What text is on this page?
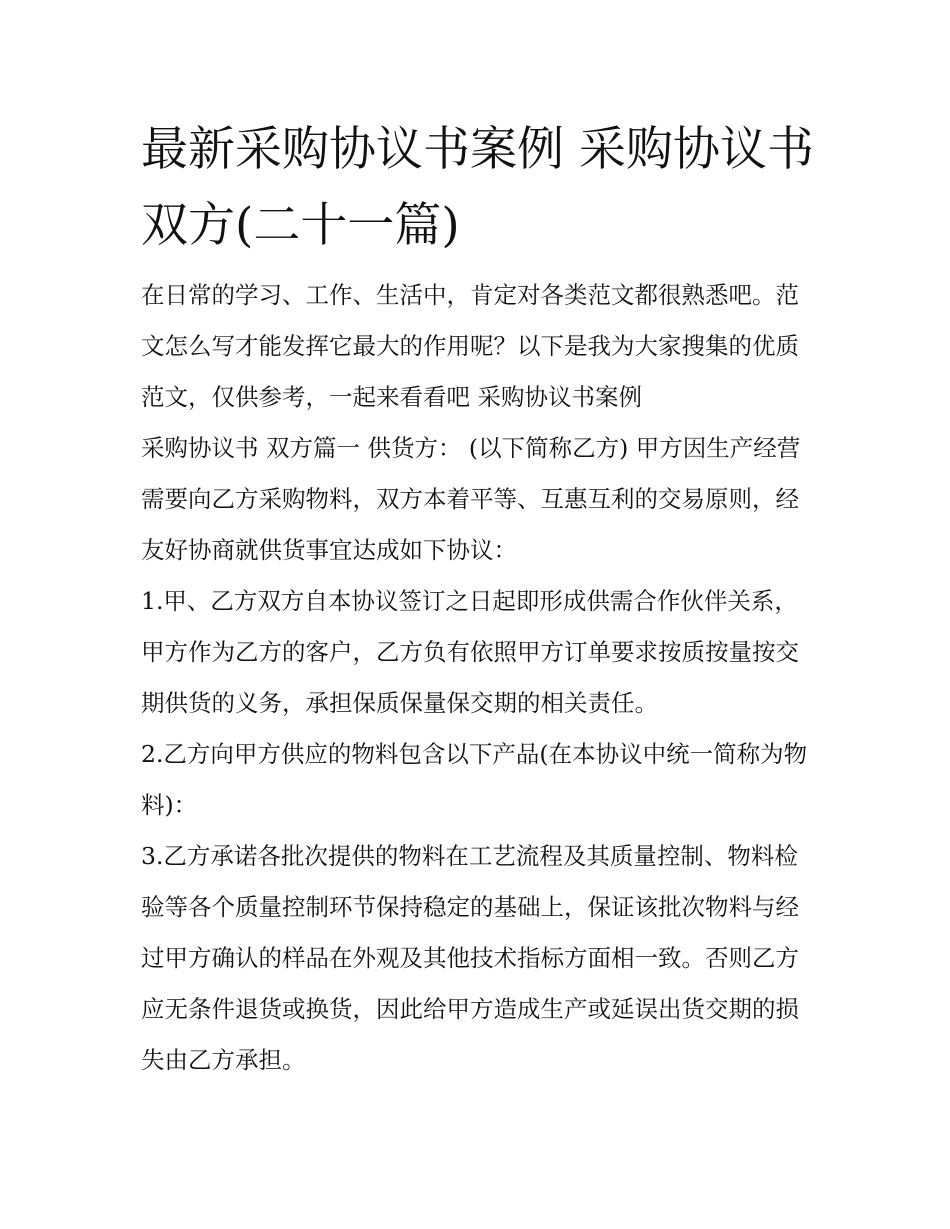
最新采购协议书案例 采购协议书 双方(二十一篇)

在日常的学习、工作、生活中，肯定对各类范文都很熟悉吧。范文怎么写才能发挥它最大的作用呢？以下是我为大家搜集的优质范文，仅供参考，一起来看看吧 采购协议书案例

采购协议书 双方篇一 供货方： (以下简称乙方) 甲方因生产经营需要向乙方采购物料，双方本着平等、互惠互利的交易原则，经友好协商就供货事宜达成如下协议：

1.甲、乙方双方自本协议签订之日起即形成供需合作伙伴关系，甲方作为乙方的客户，乙方负有依照甲方订单要求按质按量按交期供货的义务，承担保质保量保交期的相关责任。

2.乙方向甲方供应的物料包含以下产品(在本协议中统一简称为物料)：

3.乙方承诺各批次提供的物料在工艺流程及其质量控制、物料检验等各个质量控制环节保持稳定的基础上，保证该批次物料与经过甲方确认的样品在外观及其他技术指标方面相一致。否则乙方应无条件退货或换货，因此给甲方造成生产或延误出货交期的损失由乙方承担。
